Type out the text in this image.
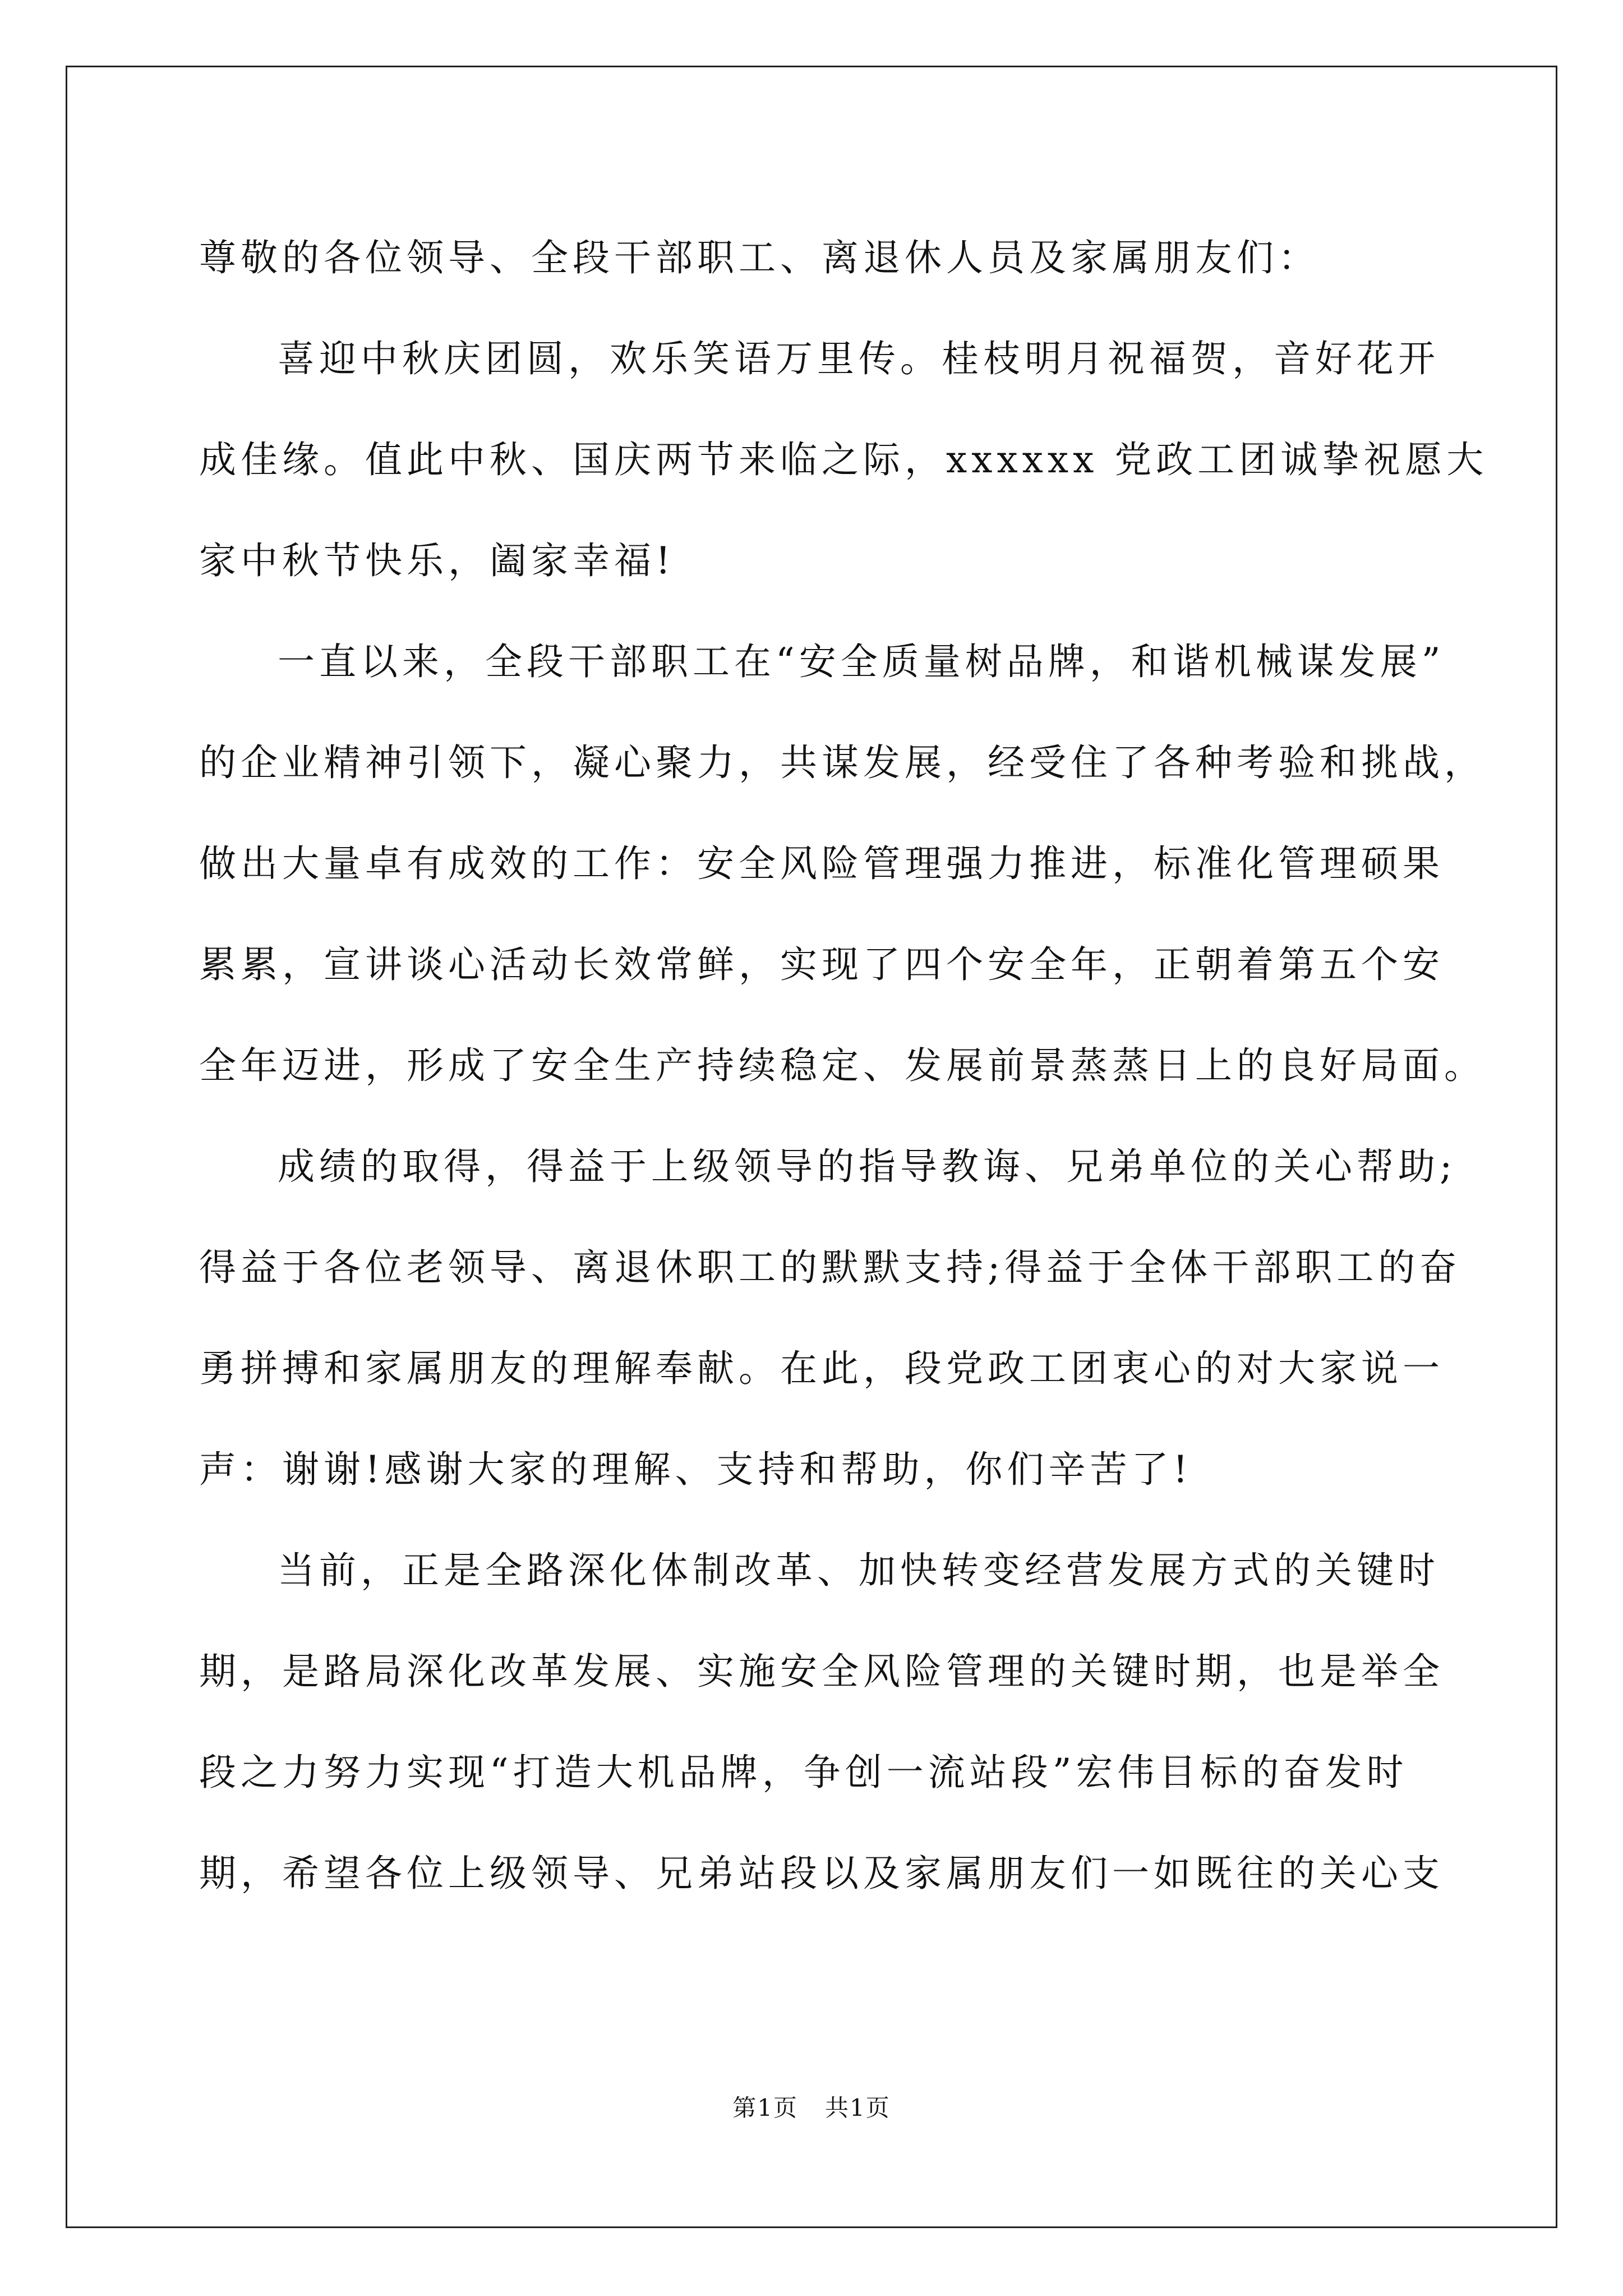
尊敬的各位领导、全段干部职工、离退休人员及家属朋友们：
喜迎中秋庆团圆，欢乐笑语万里传。桂枝明月祝福贺，音好花开
成佳缘。值此中秋、国庆两节来临之际，xxxxxx 党政工团诚挚祝愿大
家中秋节快乐，阖家幸福!
一直以来，全段干部职工在“安全质量树品牌，和谐机械谋发展”
的企业精神引领下，凝心聚力，共谋发展，经受住了各种考验和挑战，
做出大量卓有成效的工作：安全风险管理强力推进，标准化管理硕果
累累，宣讲谈心活动长效常鲜，实现了四个安全年，正朝着第五个安
全年迈进，形成了安全生产持续稳定、发展前景蒸蒸日上的良好局面。
成绩的取得，得益于上级领导的指导教诲、兄弟单位的关心帮助;
得益于各位老领导、离退休职工的默默支持;得益于全体干部职工的奋
勇拼搏和家属朋友的理解奉献。在此，段党政工团衷心的对大家说一
声：谢谢!感谢大家的理解、支持和帮助，你们辛苦了!
当前，正是全路深化体制改革、加快转变经营发展方式的关键时
期，是路局深化改革发展、实施安全风险管理的关键时期，也是举全
段之力努力实现“打造大机品牌，争创一流站段”宏伟目标的奋发时
期，希望各位上级领导、兄弟站段以及家属朋友们一如既往的关心支
第1页 共1页
